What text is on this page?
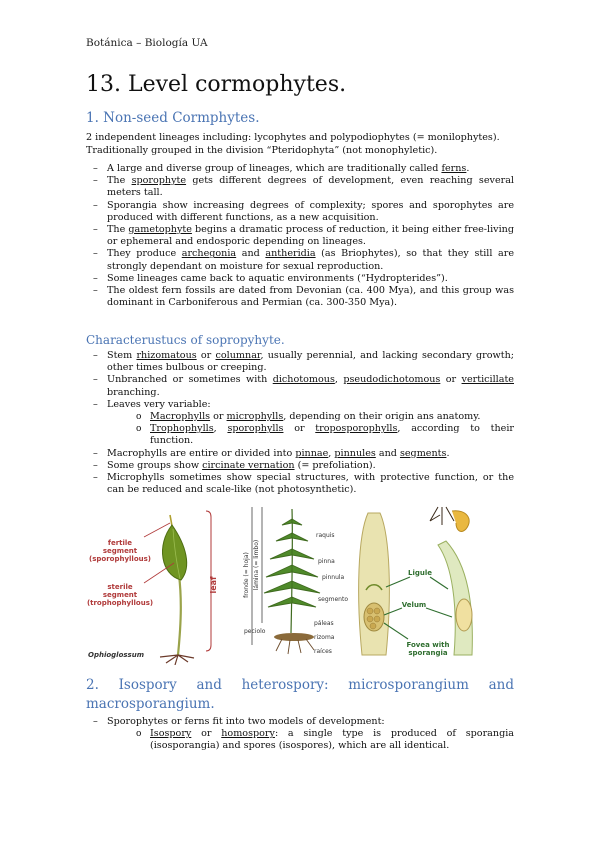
Botánica – Biología UA
13. Level cormophytes.
1. Non-seed Cormphytes.

2 independent lineages including: lycophytes and polypodiophytes (= monilophytes). Traditionally grouped in the division “Pteridophyta” (not monophyletic).

– A large and diverse group of lineages, which are traditionally called ferns.
– The sporophyte gets different degrees of development, even reaching several meters tall.
– Sporangia show increasing degrees of complexity; spores and sporophytes are produced with different functions, as a new acquisition.
– The gametophyte begins a dramatic process of reduction, it being either free-living or ephemeral and endosporic depending on lineages.
– They produce archegonia and antheridia (as Briophytes), so that they still are strongly dependant on moisture for sexual reproduction.
– Some lineages came back to aquatic environments (“Hydropterides”).
– The oldest fern fossils are dated from Devonian (ca. 400 Mya), and this group was dominant in Carboniferous and Permian (ca. 300-350 Mya).
Characterustucs of sopropyhyte.
– Stem rhizomatous or columnar, usually perennial, and lacking secondary growth; other times bulbous or creeping.
– Unbranched or sometimes with dichotomous, pseudodichotomous or verticillate branching.
– Leaves very variable:
o Macrophylls or microphylls, depending on their origin ans anatomy.
o Trophophylls, sporophylls or troposporophylls, according to their function.
– Macrophylls are entire or divided into pinnae, pinnules and segments.
– Some groups show circinate vernation (= prefoliation).
– Microphylls sometimes show special structures, with protective function, or the can be reduced and scale-like (not photosynthetic).
leaf
fertile
segment
(sporophyllous)
sterile
segment
(trophophyllous)
Ophioglossum
fronde (= hoja) lámina (= limbo)
raquis
pinna
pinnula
segmento
peciolo
páleas
rizoma
raíces
Ligule
Velum
Fovea with
sporangia
2. Isospory and heterospory: microsporangium and macrosporangium.
– Sporophytes or ferns fit into two models of development:
o Isospory or homospory: a single type is produced of sporangia (isosporangia) and spores (isospores), which are all identical.
